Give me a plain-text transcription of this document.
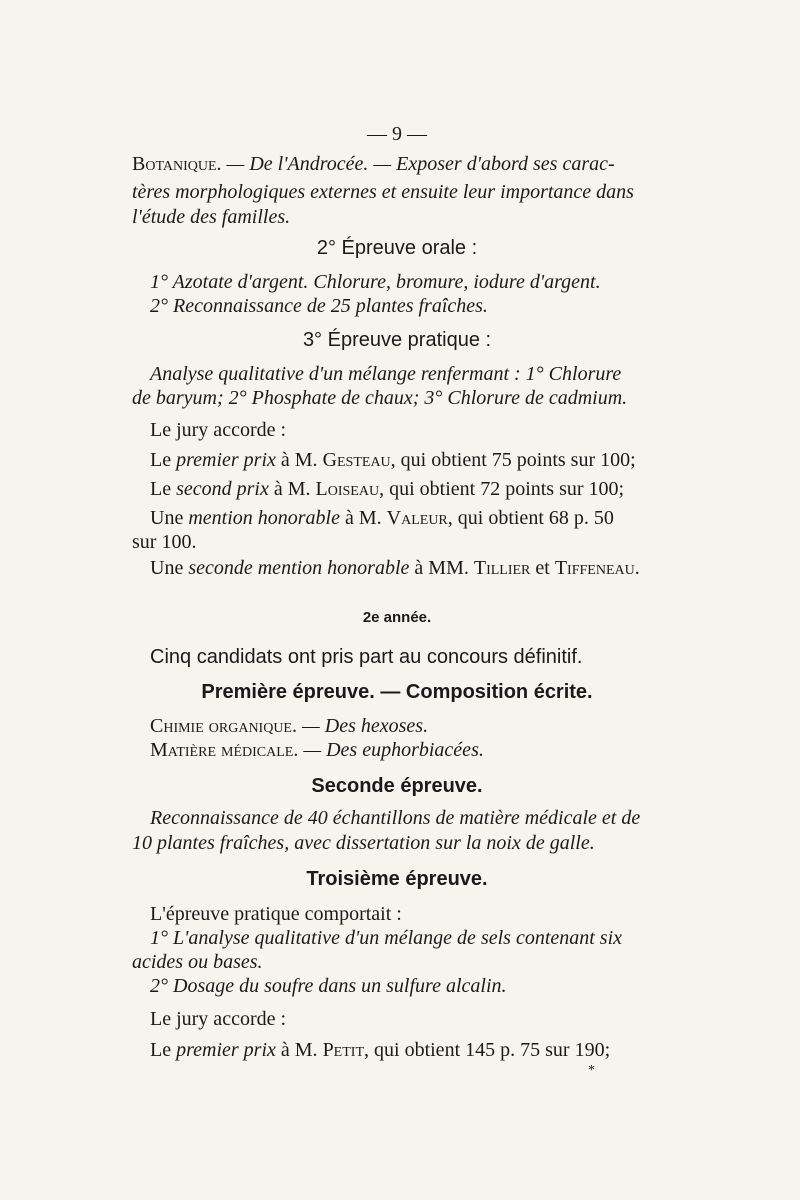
— 9 —
Botanique. — De l'Androcée. — Exposer d'abord ses carac-
tères morphologiques externes et ensuite leur importance dans
l'étude des familles.
2° Épreuve orale :
1° Azotate d'argent. Chlorure, bromure, iodure d'argent.
2° Reconnaissance de 25 plantes fraîches.
3° Épreuve pratique :
Analyse qualitative d'un mélange renfermant : 1° Chlorure
de baryum; 2° Phosphate de chaux; 3° Chlorure de cadmium.
Le jury accorde :
Le premier prix à M. Gesteau, qui obtient 75 points sur 100;
Le second prix à M. Loiseau, qui obtient 72 points sur 100;
Une mention honorable à M. Valeur, qui obtient 68 p. 50
sur 100.
Une seconde mention honorable à MM. Tillier et Tiffeneau.
2e année.
Cinq candidats ont pris part au concours définitif.
Première épreuve. — Composition écrite.
Chimie organique. — Des hexoses.
Matière médicale. — Des euphorbiacées.
Seconde épreuve.
Reconnaissance de 40 échantillons de matière médicale et de
10 plantes fraîches, avec dissertation sur la noix de galle.
Troisième épreuve.
L'épreuve pratique comportait :
1° L'analyse qualitative d'un mélange de sels contenant six
acides ou bases.
2° Dosage du soufre dans un sulfure alcalin.
Le jury accorde :
Le premier prix à M. Petit, qui obtient 145 p. 75 sur 190;
*
